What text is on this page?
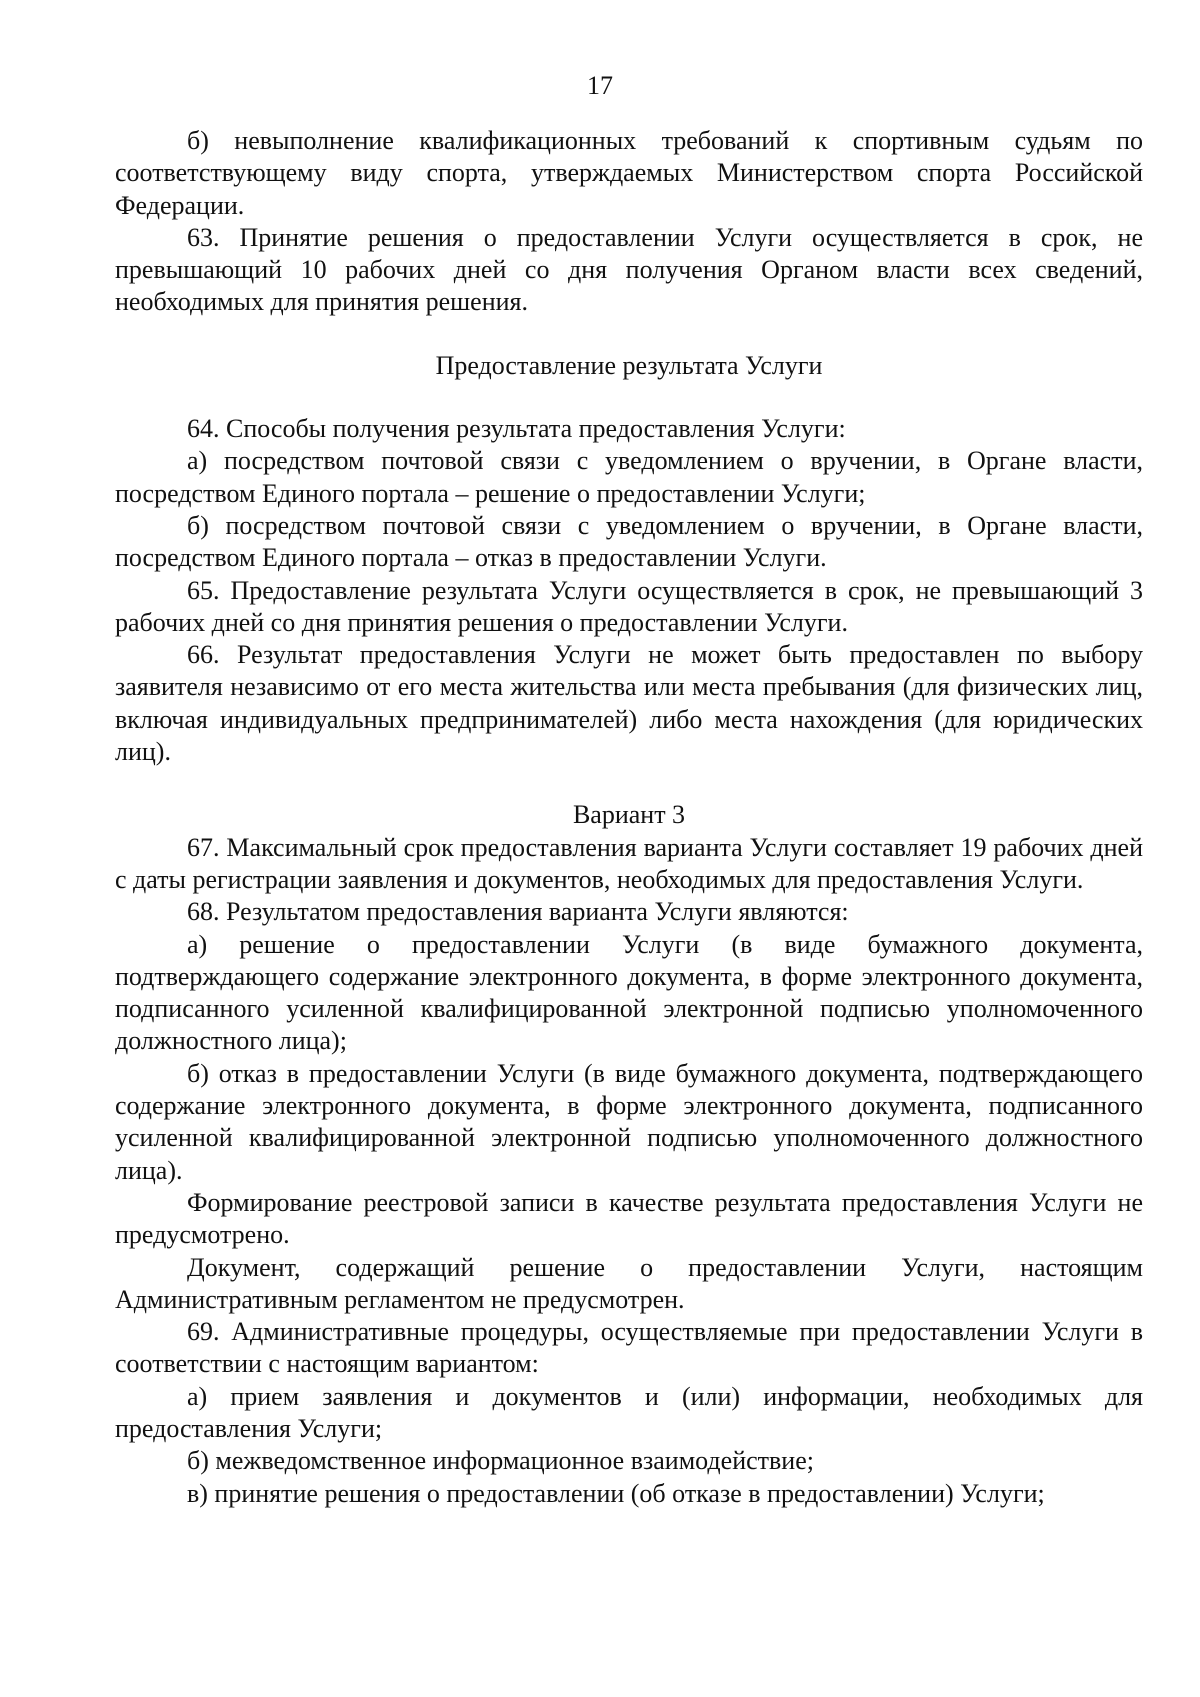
17

б) невыполнение квалификационных требований к спортивным судьям по соответствующему виду спорта, утверждаемых Министерством спорта Российской Федерации.

63. Принятие решения о предоставлении Услуги осуществляется в срок, не превышающий 10 рабочих дней со дня получения Органом власти всех сведений, необходимых для принятия решения.

Предоставление результата Услуги

64. Способы получения результата предоставления Услуги:

а) посредством почтовой связи с уведомлением о вручении, в Органе власти, посредством Единого портала – решение о предоставлении Услуги;

б) посредством почтовой связи с уведомлением о вручении, в Органе власти, посредством Единого портала – отказ в предоставлении Услуги.

65. Предоставление результата Услуги осуществляется в срок, не превышающий 3 рабочих дней со дня принятия решения о предоставлении Услуги.

66. Результат предоставления Услуги не может быть предоставлен по выбору заявителя независимо от его места жительства или места пребывания (для физических лиц, включая индивидуальных предпринимателей) либо места нахождения (для юридических лиц).

Вариант 3

67. Максимальный срок предоставления варианта Услуги составляет 19 рабочих дней с даты регистрации заявления и документов, необходимых для предоставления Услуги.

68. Результатом предоставления варианта Услуги являются:

а) решение о предоставлении Услуги (в виде бумажного документа, подтверждающего содержание электронного документа, в форме электронного документа, подписанного усиленной квалифицированной электронной подписью уполномоченного должностного лица);

б) отказ в предоставлении Услуги (в виде бумажного документа, подтверждающего содержание электронного документа, в форме электронного документа, подписанного усиленной квалифицированной электронной подписью уполномоченного должностного лица).

Формирование реестровой записи в качестве результата предоставления Услуги не предусмотрено.

Документ, содержащий решение о предоставлении Услуги, настоящим Административным регламентом не предусмотрен.

69. Административные процедуры, осуществляемые при предоставлении Услуги в соответствии с настоящим вариантом:

а) прием заявления и документов и (или) информации, необходимых для предоставления Услуги;

б) межведомственное информационное взаимодействие;

в) принятие решения о предоставлении (об отказе в предоставлении) Услуги;
